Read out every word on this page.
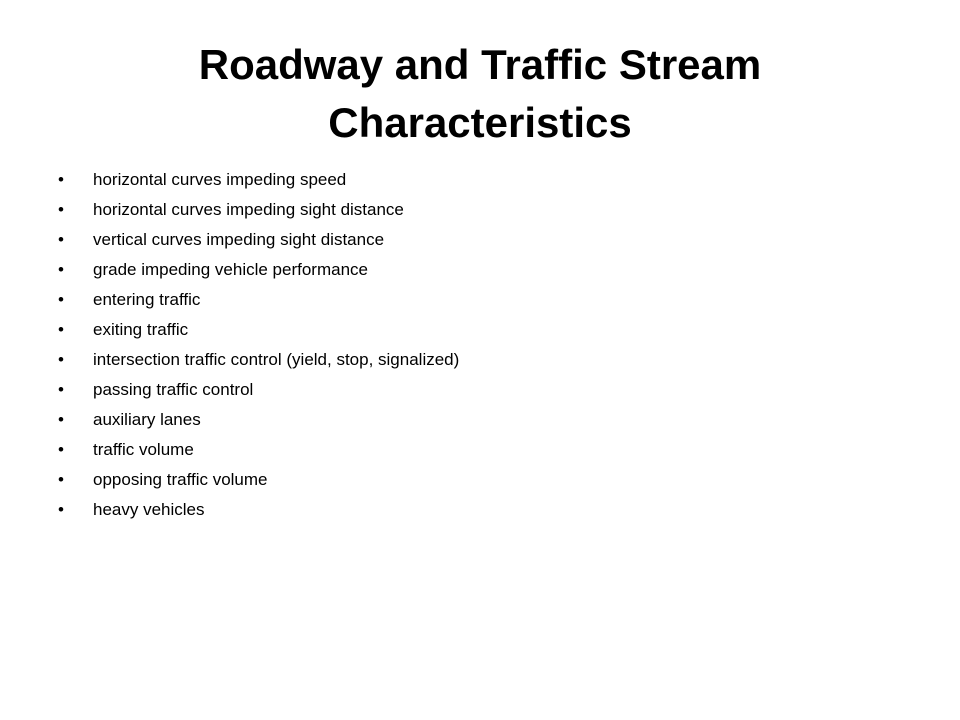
Roadway and Traffic Stream
Characteristics
• horizontal curves impeding speed
• horizontal curves impeding sight distance
• vertical curves impeding sight distance
• grade impeding vehicle performance
• entering traffic
• exiting traffic
• intersection traffic control (yield, stop, signalized)
• passing traffic control
• auxiliary lanes
• traffic volume
• opposing traffic volume
• heavy vehicles
